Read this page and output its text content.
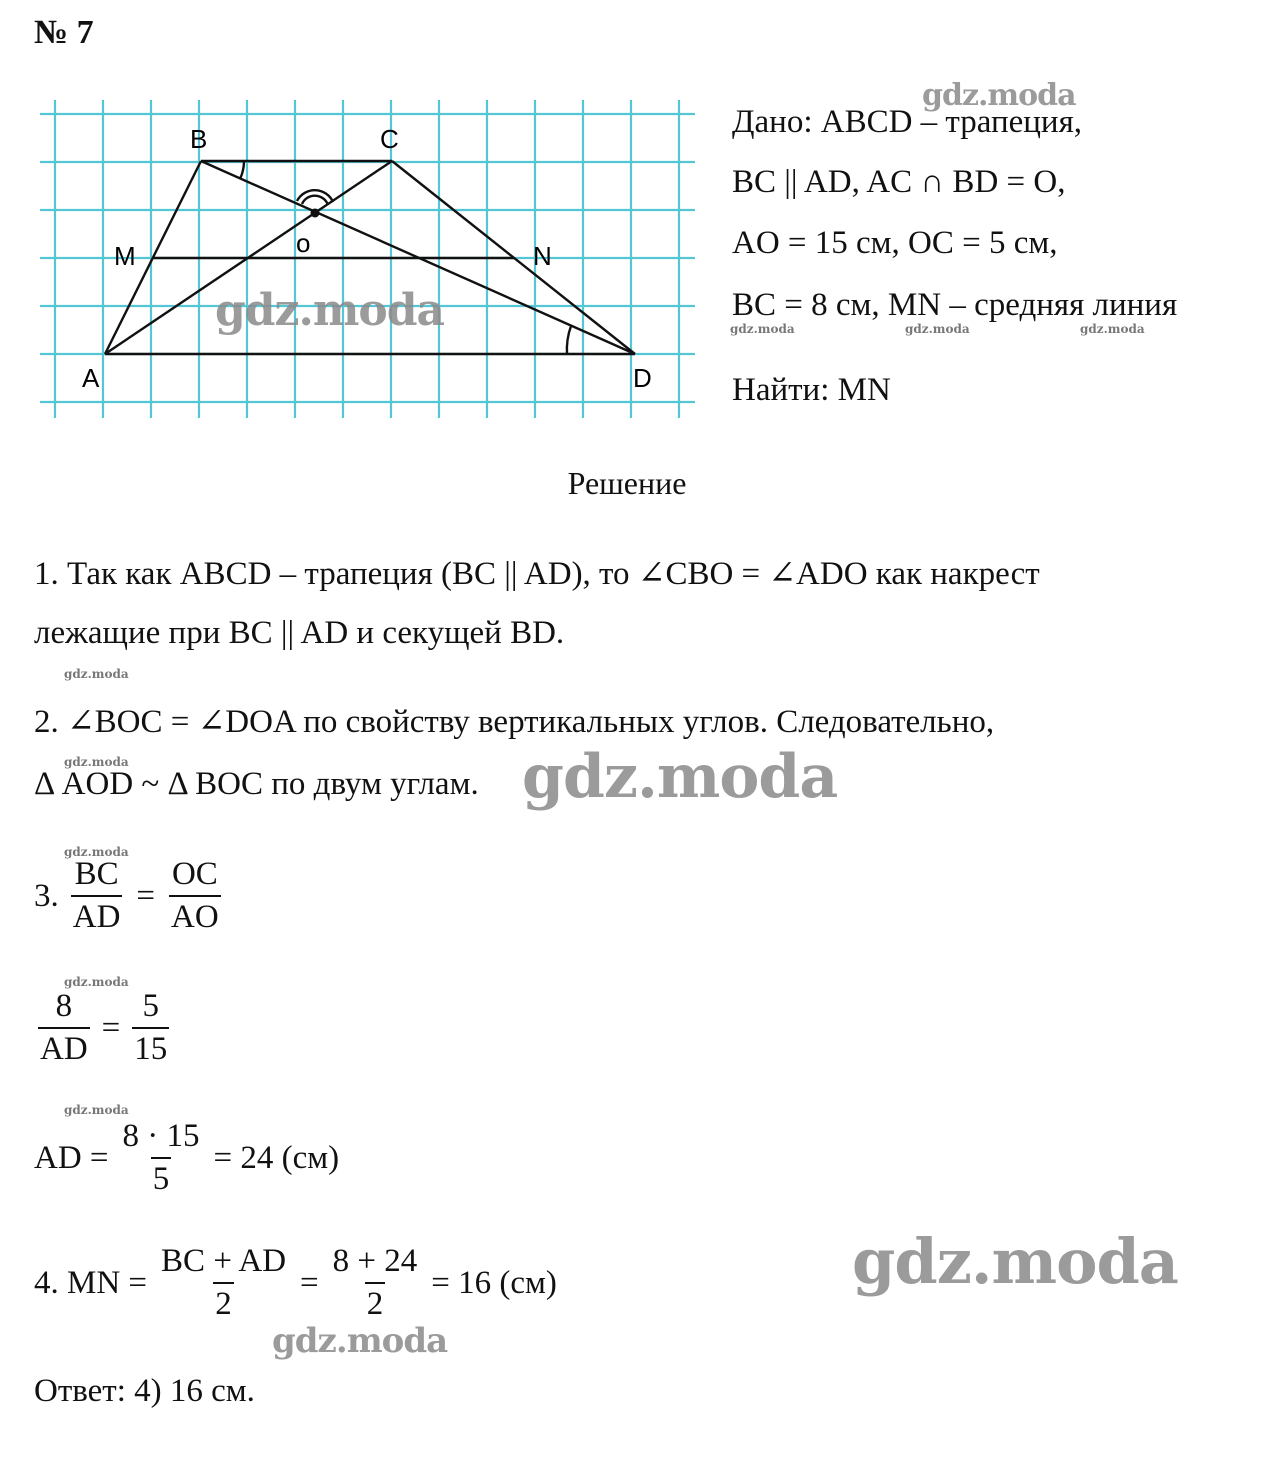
№ 7
B	C
M	N
o
A	D
Дано: ABCD – трапеция,
BC || AD, AC ∩ BD = O,
AO = 15 см, OC = 5 см,
BC = 8 см, MN – средняя линия
Найти: MN
Решение
1. Так как ABCD – трапеция (BC || AD), то ∠CBO = ∠ADO как накрест
лежащие при BC || AD и секущей BD.
2. ∠BOC = ∠DOA по свойству вертикальных углов. Следовательно,
Δ AOD ~ Δ BOC по двум углам.
3. $\frac{BC}{AD} = \frac{OC}{AO}$
$\frac{8}{AD} = \frac{5}{15}$
AD = $\frac{8 \cdot 15}{5} = 24$ (см)
4. MN = $\frac{BC + AD}{2} = \frac{8 + 24}{2} = 16$ (см)
Ответ: 4) 16 см.
gdz.moda
gdz.moda	gdz.moda	gdz.moda	gdz.moda
gdz.moda
gdz.moda	gdz.moda
gdz.moda
gdz.moda
gdz.moda
gdz.moda
gdz.moda
